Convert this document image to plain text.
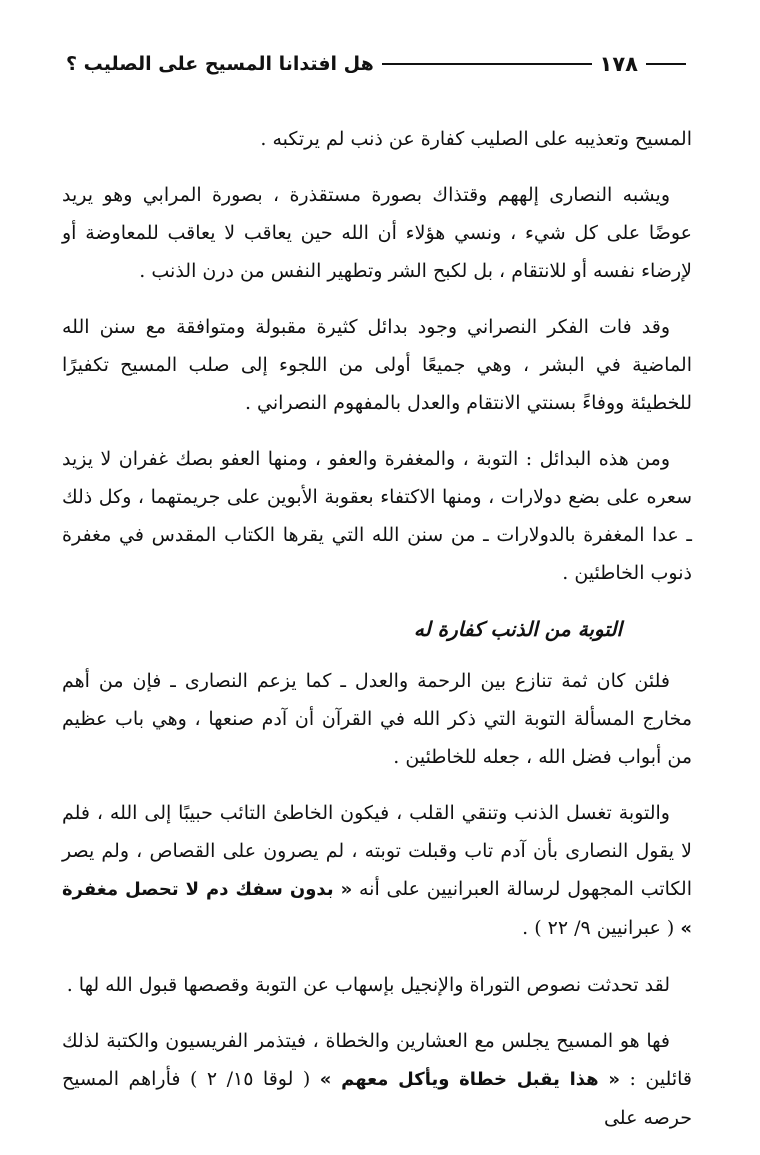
١٧٨
هل افتدانا المسيح على الصليب ؟

المسيح وتعذيبه على الصليب كفارة عن ذنب لم يرتكبه .

ويشبه النصارى إلههم وقتذاك بصورة مستقذرة ، بصورة المرابي وهو يريد عوضًا على كل شيء ، ونسي هؤلاء أن الله حين يعاقب لا يعاقب للمعاوضة أو لإرضاء نفسه أو للانتقام ، بل لكبح الشر وتطهير النفس من درن الذنب .

وقد فات الفكر النصراني وجود بدائل كثيرة مقبولة ومتوافقة مع سنن الله الماضية في البشر ، وهي جميعًا أولى من اللجوء إلى صلب المسيح تكفيرًا للخطيئة ووفاءً بسنتي الانتقام والعدل بالمفهوم النصراني .

ومن هذه البدائل : التوبة ، والمغفرة والعفو ، ومنها العفو بصك غفران لا يزيد سعره على بضع دولارات ، ومنها الاكتفاء بعقوبة الأبوين على جريمتهما ، وكل ذلك ـ عدا المغفرة بالدولارات ـ من سنن الله التي يقرها الكتاب المقدس في مغفرة ذنوب الخاطئين .

التوبة من الذنب كفارة له

فلئن كان ثمة تنازع بين الرحمة والعدل ـ كما يزعم النصارى ـ فإن من أهم مخارج المسألة التوبة التي ذكر الله في القرآن أن آدم صنعها ، وهي باب عظيم من أبواب فضل الله ، جعله للخاطئين .

والتوبة تغسل الذنب وتنقي القلب ، فيكون الخاطئ التائب حبيبًا إلى الله ، فلم لا يقول النصارى بأن آدم تاب وقبلت توبته ، لم يصرون على القصاص ، ولم يصر الكاتب المجهول لرسالة العبرانيين على أنه « بدون سفك دم لا تحصل مغفرة » ( عبرانيين ٩/ ٢٢ ) .

لقد تحدثت نصوص التوراة والإنجيل بإسهاب عن التوبة وقصصها قبول الله لها .

فها هو المسيح يجلس مع العشارين والخطاة ، فيتذمر الفريسيون والكتبة لذلك قائلين : « هذا يقبل خطاة ويأكل معهم » ( لوقا ١٥/ ٢ ) فأراهم المسيح حرصه على
